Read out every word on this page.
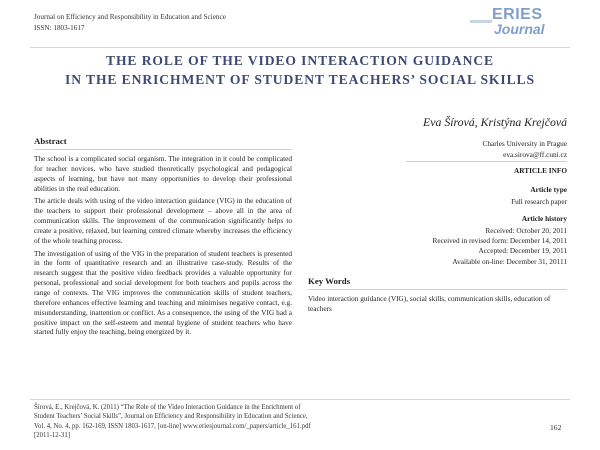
Journal on Efficiency and Responsibility in Education and Science
ISSN: 1803-1617
ERIES
Journal
THE ROLE OF THE VIDEO INTERACTION GUIDANCE
IN THE ENRICHMENT OF STUDENT TEACHERS’ SOCIAL SKILLS
Eva Šírová, Kristýna Krejčová
Abstract

The school is a complicated social organism. The integration in it could be complicated for teacher novices, who have studied theoretically psychological and pedagogical aspects of learning, but have not many opportunities to develop their professional abilities in the real education.

The article deals with using of the video interaction guidance (VIG) in the education of the teachers to support their professional development – above all in the area of communication skills. The improvement of the communication significantly helps to create a positive, relaxed, but learning centred climate whereby increases the efficiency of the whole teaching process.

The investigation of using of the VIG in the preparation of student teachers is presented in the form of quantitative research and an illustrative case-study. Results of the research suggest that the positive video feedback provides a valuable opportunity for personal, professional and social development for both teachers and pupils across the range of contexts. The VIG improves the communication skills of student teachers, therefore enhances effective learning and teaching and minimises negative contact, e.g. misunderstanding, inattention or conflict. As a consequence, the using of the VIG had a positive impact on the self-esteem and mental hygiene of student teachers who have started fully enjoy the teaching, being energized by it.

Charles University in Prague
eva.sirova@ff.cuni.cz
ARTICLE INFO
Article type
Full research paper
Article history
Received: October 20, 2011
Received in revised form: December 14, 2011
Accepted: December 19, 2011
Available on-line: December 31, 20111
Key Words
Video interaction guidance (VIG), social skills, communication skills, education of teachers
Šírová, E., Krejčová, K. (2011) “The Role of the Video Interaction Guidance in the Enrichment of
Student Teachers’ Social Skills”, Journal on Efficiency and Responsibility in Education and Science,
Vol. 4, No. 4, pp. 162-169, ISSN 1803-1617, [on-line] www.eriesjournal.com/_papers/article_161.pdf
[2011-12-31]
162
